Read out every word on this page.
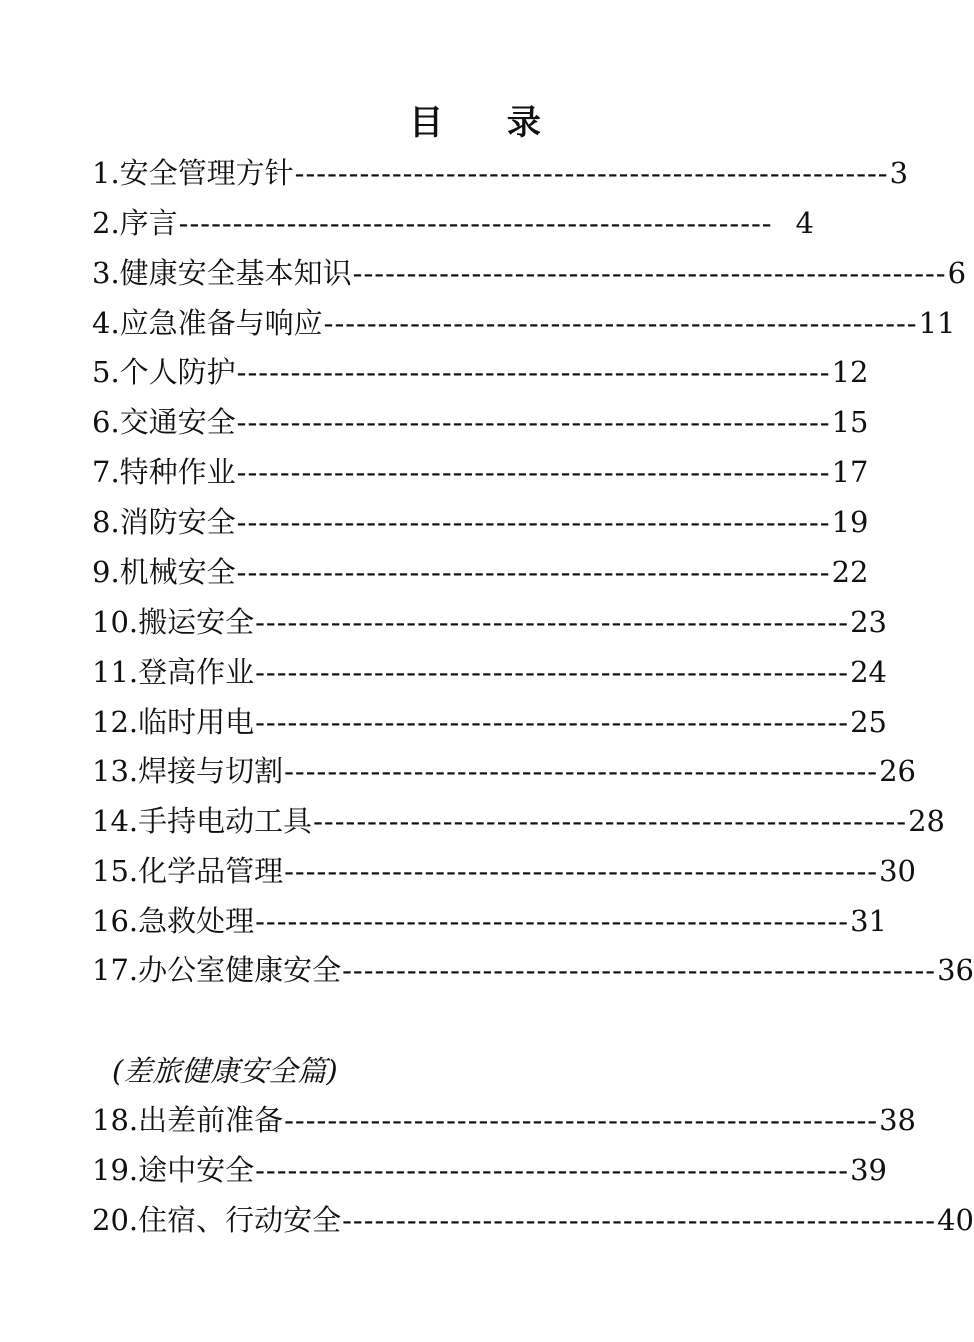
目 录
1.安全管理方针 ------------------------------------------------------- 3
2.序言 ------------------------------------------------------- 4
3.健康安全基本知识 ------------------------------------------------------- 6
4.应急准备与响应 ------------------------------------------------------- 11
5.个人防护 ------------------------------------------------------- 12
6.交通安全 ------------------------------------------------------- 15
7.特种作业 ------------------------------------------------------- 17
8.消防安全 ------------------------------------------------------- 19
9.机械安全 ------------------------------------------------------- 22
10.搬运安全 ------------------------------------------------------- 23
11.登高作业 ------------------------------------------------------- 24
12.临时用电 ------------------------------------------------------- 25
13.焊接与切割 ------------------------------------------------------- 26
14.手持电动工具 ------------------------------------------------------- 28
15.化学品管理 ------------------------------------------------------- 30
16.急救处理 ------------------------------------------------------- 31
17.办公室健康安全 ------------------------------------------------------- 36
(差旅健康安全篇)
18.出差前准备 ------------------------------------------------------- 38
19.途中安全 ------------------------------------------------------- 39
20.住宿、行动安全 ------------------------------------------------------- 40
